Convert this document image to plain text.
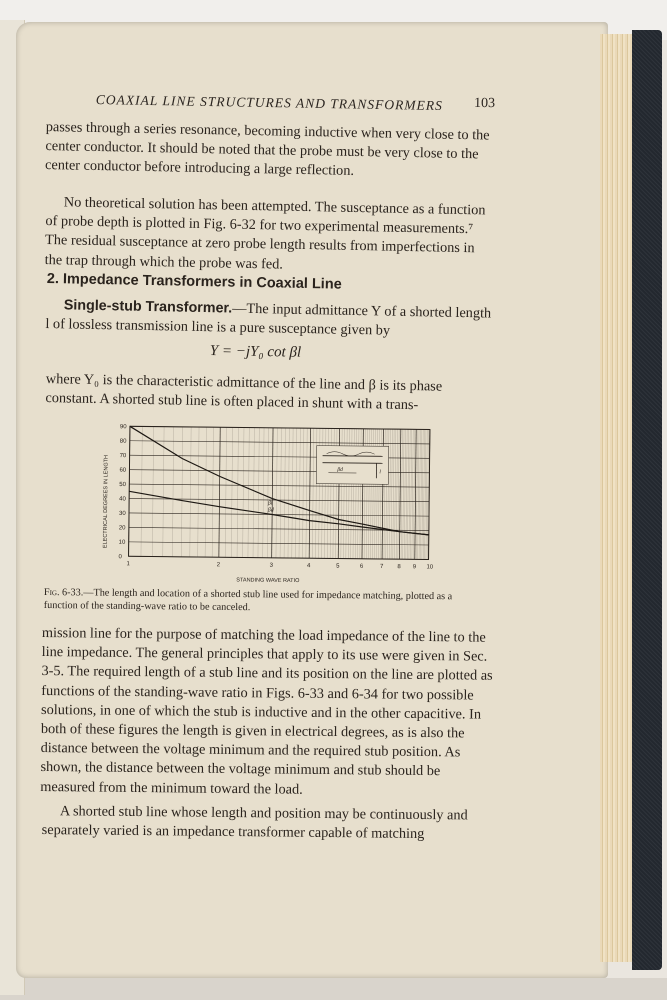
COAXIAL LINE STRUCTURES AND TRANSFORMERS	103
passes through a series resonance, becoming inductive when very close to the center conductor. It should be noted that the probe must be very close to the center conductor before introducing a large reflection.
No theoretical solution has been attempted. The susceptance as a function of probe depth is plotted in Fig. 6-32 for two experimental measurements.⁷ The residual susceptance at zero probe length results from imperfections in the trap through which the probe was fed.
2. Impedance Transformers in Coaxial Line
Single-stub Transformer.—The input admittance Y of a shorted length l of lossless transmission line is a pure susceptance given by
Y = −jY₀ cot βl
where Y₀ is the characteristic admittance of the line and β is its phase constant. A shorted stub line is often placed in shunt with a trans-
βl
βd
1	2	3	4	5	6	7 8 9 10
0
10
20
30
40
50
60
70
80
90
l
βd
ELECTRICAL DEGREES IN LENGTH
STANDING WAVE RATIO
Fig. 6-33.—The length and location of a shorted stub line used for impedance matching, plotted as a function of the standing-wave ratio to be canceled.
mission line for the purpose of matching the load impedance of the line to the line impedance. The general principles that apply to its use were given in Sec. 3-5. The required length of a stub line and its position on the line are plotted as functions of the standing-wave ratio in Figs. 6-33 and 6-34 for two possible solutions, in one of which the stub is inductive and in the other capacitive. In both of these figures the length is given in electrical degrees, as is also the distance between the voltage minimum and the required stub position. As shown, the distance between the voltage minimum and stub should be measured from the minimum toward the load.
A shorted stub line whose length and position may be continuously and separately varied is an impedance transformer capable of matching
